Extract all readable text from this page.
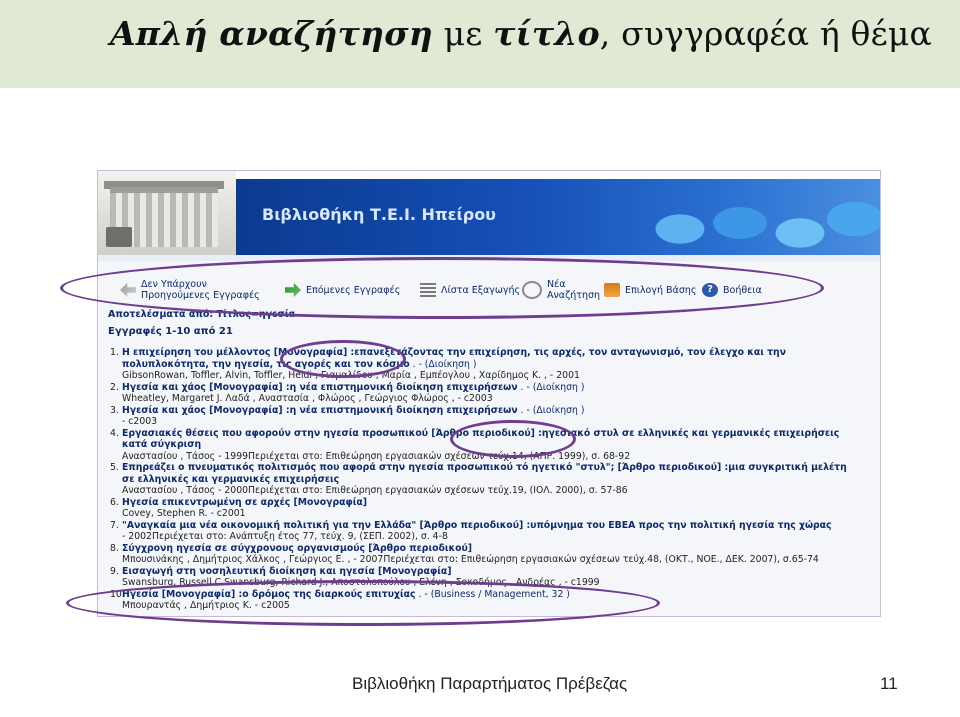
Απλή αναζήτηση με τίτλο, συγγραφέα ή θέμα
Βιβλιοθήκη Τ.Ε.Ι. Ηπείρου
Δεν Υπάρχουν
Προηγούμενες Εγγραφές	Επόμενες Εγγραφές	Λίστα Εξαγωγής	Νέα
Αναζήτηση	Επιλογή Βάσης	?	Βοήθεια
Αποτελέσματα από: Τίτλος=ηγεσία
Εγγραφές 1-10 από 21
1. Η επιχείρηση του μέλλοντος [Μονογραφία] :επανεξετάζοντας την επιχείρηση, τις αρχές, τον ανταγωνισμό, τον έλεγχο και την
πολυπλοκότητα, την ηγεσία, τις αγορές και τον κόσμο . - (Διοίκηση )
GibsonRowan, Toffler, Alvin, Toffler, Heidi , Γιαμαλίδου , Μαρία , Εμπέογλου , Χαρίδημος Κ. , - 2001
2. Ηγεσία και χάος [Μονογραφία] :η νέα επιστημονική διοίκηση επιχειρήσεων . - (Διοίκηση )
Wheatley, Margaret J. Λαδά , Αναστασία , Φλώρος , Γεώργιος Φλώρος , - c2003
3. Ηγεσία και χάος [Μονογραφία] :η νέα επιστημονική διοίκηση επιχειρήσεων . - (Διοίκηση )
- c2003
4. Εργασιακές θέσεις που αφορούν στην ηγεσία προσωπικού [Άρθρο περιοδικού] :ηγεσιακό στυλ σε ελληνικές και γερμανικές επιχειρήσεις
κατά σύγκριση
Αναστασίου , Τάσος - 1999Περιέχεται στο: Επιθεώρηση εργασιακών σχέσεων τεύχ.14, (ΑΠΡ. 1999), σ. 68-92
5. Επηρεάζει ο πνευματικός πολιτισμός που αφορά στην ηγεσία προσωπικού τό ηγετικό "στυλ"; [Άρθρο περιοδικού] :μια συγκριτική μελέτη
σε ελληνικές και γερμανικές επιχειρήσεις
Αναστασίου , Τάσος - 2000Περιέχεται στο: Επιθεώρηση εργασιακών σχέσεων τεύχ.19, (ΙΟΛ. 2000), σ. 57-86
6. Ηγεσία επικεντρωμένη σε αρχές [Μονογραφία]
Covey, Stephen R. - c2001
7. "Αναγκαία μια νέα οικονομική πολιτική για την Ελλάδα" [Άρθρο περιοδικού] :υπόμνημα του ΕΒΕΑ προς την πολιτική ηγεσία της χώρας
- 2002Περιέχεται στο: Ανάπτυξη έτος 77, τεύχ. 9, (ΣΕΠ. 2002), σ. 4-8
8. Σύγχρονη ηγεσία σε σύγχρονους οργανισμούς [Άρθρο περιοδικού]
Μπουσινάκης , Δημήτριος Χάλκος , Γεώργιος Ε. , - 2007Περιέχεται στο: Επιθεώρηση εργασιακών σχέσεων τεύχ.48, (ΟΚΤ., ΝΟΕ., ΔΕΚ. 2007), σ.65-74
9. Εισαγωγή στη νοσηλευτική διοίκηση και ηγεσία [Μονογραφία]
Swansburg, Russell C.Swansburg, Richard J., Αποστολοπούλου , Ελένη , Σοκοδήμος , Ανδρέας , - c1999
10.
Ηγεσία [Μονογραφία] :ο δρόμος της διαρκούς επιτυχίας . - (Business / Management, 32 )
Μπουραντάς , Δημήτριος Κ. - c2005
Βιβλιοθήκη Παραρτήματος Πρέβεζας	11
